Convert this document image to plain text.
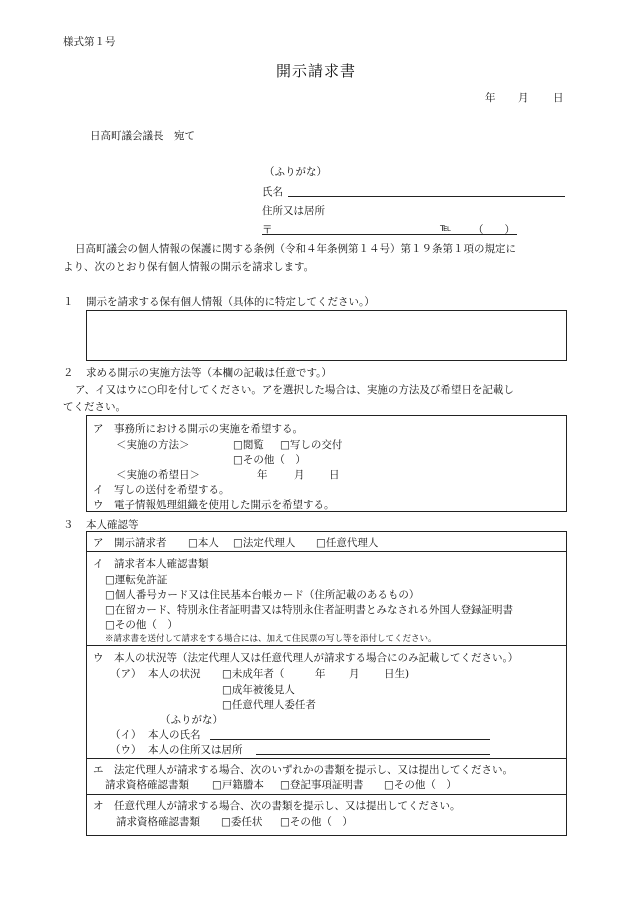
様式第１号
開示請求書
年 月 日
日高町議会議長　宛て
（ふりがな）
氏名
住所又は居所
〒	℡ （　　）
日高町議会の個人情報の保護に関する条例（令和４年条例第１４号）第１９条第１項の規定に
より、次のとおり保有個人情報の開示を請求します。
１ 開示を請求する保有個人情報（具体的に特定してください。）
２ 求める開示の実施方法等（本欄の記載は任意です。）
ア、イ又はウに○印を付してください。アを選択した場合は、実施の方法及び希望日を記載し
てください。
ア　事務所における開示の実施を希望する。
＜実施の方法＞	□閲覧 □写しの交付
□その他（　）
＜実施の希望日＞	年	月 日
イ　写しの送付を希望する。
ウ　電子情報処理組織を使用した開示を希望する。
３ 本人確認等
ア　開示請求者 □本人 □法定代理人 □任意代理人
イ　請求者本人確認書類
□運転免許証
□個人番号カード又は住民基本台帳カード（住所記載のあるもの）
□在留カード、特別永住者証明書又は特別永住者証明書とみなされる外国人登録証明書
□その他（　）
※請求書を送付して請求をする場合には、加えて住民票の写し等を添付してください。
ウ　本人の状況等（法定代理人又は任意代理人が請求する場合にのみ記載してください。）
（ア） 本人の状況 □未成年者（	年 月 日生)
□成年被後見人
□任意代理人委任者
（ふりがな）
（イ） 本人の氏名
（ウ） 本人の住所又は居所
エ　法定代理人が請求する場合、次のいずれかの書類を提示し、又は提出してください。
請求資格確認書類 □戸籍謄本 □登記事項証明書 □その他（　）
オ　任意代理人が請求する場合、次の書類を提示し、又は提出してください。
請求資格確認書類 □委任状 □その他（　）
